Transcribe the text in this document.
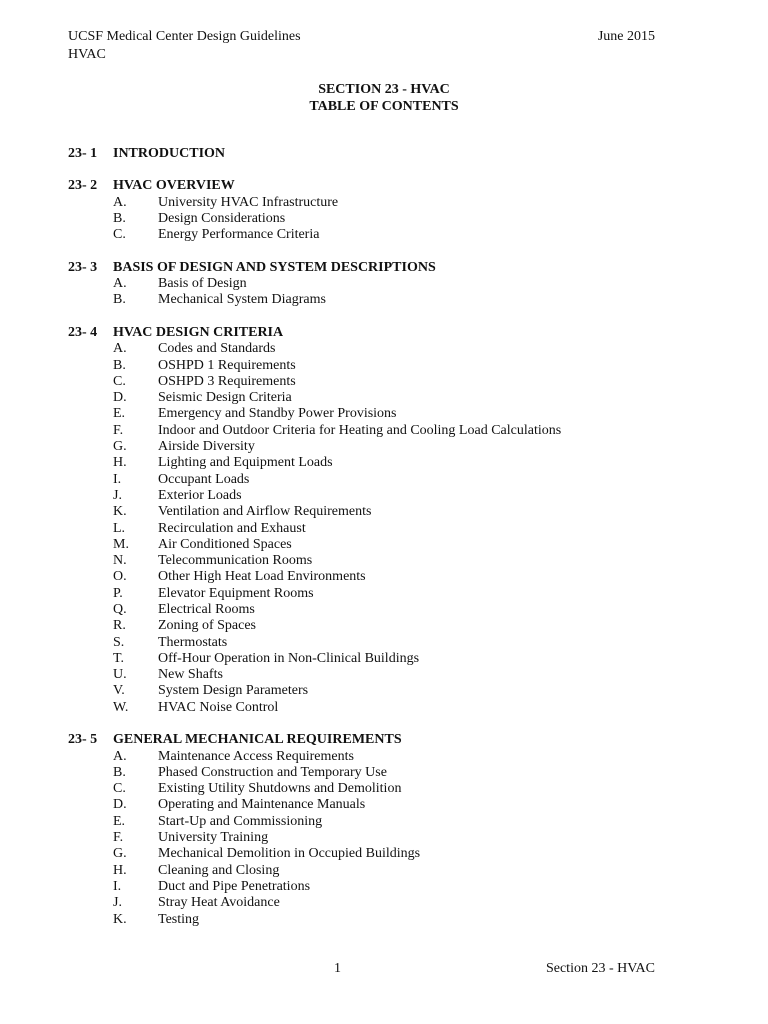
UCSF Medical Center Design Guidelines
HVAC
June 2015
SECTION 23 - HVAC
TABLE OF CONTENTS
23- 1	INTRODUCTION
23- 2	HVAC OVERVIEW
A.	University HVAC Infrastructure
B.	Design Considerations
C.	Energy Performance Criteria
23- 3	BASIS OF DESIGN AND SYSTEM DESCRIPTIONS
A.	Basis of Design
B.	Mechanical System Diagrams
23- 4	HVAC DESIGN CRITERIA
A.	Codes and Standards
B.	OSHPD 1 Requirements
C.	OSHPD 3 Requirements
D.	Seismic Design Criteria
E.	Emergency and Standby Power Provisions
F.	Indoor and Outdoor Criteria for Heating and Cooling Load Calculations
G.	Airside Diversity
H.	Lighting and Equipment Loads
I.	Occupant Loads
J.	Exterior Loads
K.	Ventilation and Airflow Requirements
L.	Recirculation and Exhaust
M.	Air Conditioned Spaces
N.	Telecommunication Rooms
O.	Other High Heat Load Environments
P.	Elevator Equipment Rooms
Q.	Electrical Rooms
R.	Zoning of Spaces
S.	Thermostats
T.	Off-Hour Operation in Non-Clinical Buildings
U.	New Shafts
V.	System Design Parameters
W.	HVAC Noise Control
23- 5	GENERAL MECHANICAL REQUIREMENTS
A.	Maintenance Access Requirements
B.	Phased Construction and Temporary Use
C.	Existing Utility Shutdowns and Demolition
D.	Operating and Maintenance Manuals
E.	Start-Up and Commissioning
F.	University Training
G.	Mechanical Demolition in Occupied Buildings
H.	Cleaning and Closing
I.	Duct and Pipe Penetrations
J.	Stray Heat Avoidance
K.	Testing
1	Section 23 - HVAC
